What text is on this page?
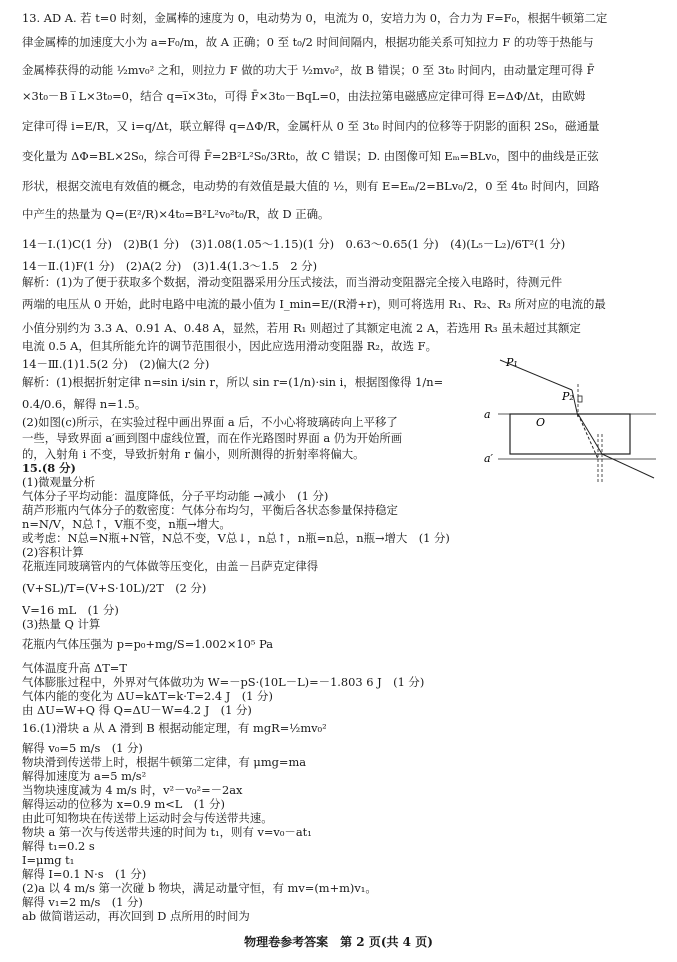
13. AD A. 若 t=0 时刻，金属棒的速度为 0，电动势为 0，电流为 0，安培力为 0，合力为 F=F₀，根据牛顿第二定
律金属棒的加速度大小为 a=F₀/m，故 A 正确；0 至 t₀/2 时间间隔内，根据功能关系可知拉力 F 的功等于热能与
金属棒获得的动能 ½mv₀² 之和，则拉力 F 做的功大于 ½mv₀²，故 B 错误；0 至 3t₀ 时间内，由动量定理可得 F̄
×3t₀－B i̅ L×3t₀=0，结合 q=i̅×3t₀，可得 F̄×3t₀－BqL=0，由法拉第电磁感应定律可得 E=ΔΦ/Δt，由欧姆
定律可得 i=E/R，又 i=q/Δt，联立解得 q=ΔΦ/R，金属杆从 0 至 3t₀ 时间内的位移等于阴影的面积 2S₀，磁通量
变化量为 ΔΦ=BL×2S₀，综合可得 F̄=2B²L²S₀/3Rt₀，故 C 错误；D. 由图像可知 Eₘ=BLv₀，图中的曲线是正弦
形状，根据交流电有效值的概念，电动势的有效值是最大值的 ½，则有 E=Eₘ/2=BLv₀/2，0 至 4t₀ 时间内，回路
中产生的热量为 Q=(E²/R)×4t₀=B²L²v₀²t₀/R，故 D 正确。
14－Ⅰ.(1)C(1 分)　(2)B(1 分)　(3)1.08(1.05～1.15)(1 分)　0.63～0.65(1 分)　(4)(L₅－L₂)/6T²(1 分)
14－Ⅱ.(1)F(1 分)　(2)A(2 分)　(3)1.4(1.3～1.5　2 分)
解析：(1)为了便于获取多个数据，滑动变阻器采用分压式接法，而当滑动变阻器完全接入电路时，待测元件
两端的电压从 0 开始，此时电路中电流的最小值为 I_min=E/(R滑+r)，则可将选用 R₁、R₂、R₃ 所对应的电流的最
小值分别约为 3.3 A、0.91 A、0.48 A，显然，若用 R₁ 则超过了其额定电流 2 A，若选用 R₃ 虽未超过其额定
电流 0.5 A，但其所能允许的调节范围很小，因此应选用滑动变阻器 R₂，故选 F。
14－Ⅲ.(1)1.5(2 分)　(2)偏大(2 分)
解析：(1)根据折射定律 n=sin i/sin r，所以 sin r=(1/n)·sin i，根据图像得 1/n=
0.4/0.6，解得 n=1.5。
(2)如图(c)所示，在实验过程中画出界面 a 后，不小心将玻璃砖向上平移了
一些，导致界面 a′画到图中虚线位置，而在作光路图时界面 a 仍为开始所画
的，入射角 i 不变，导致折射角 r 偏小，则所测得的折射率将偏大。
P₁
P₂
O
a
a′
15.(8 分)
(1)微观量分析
气体分子平均动能：温度降低，分子平均动能 →减小　(1 分)
葫芦形瓶内气体分子的数密度：气体分布均匀，平衡后各状态参量保持稳定
n=N/V，N总↑，V瓶不变，n瓶→增大。
或考虑：N总=N瓶+N管，N总不变，V总↓，n总↑，n瓶=n总，n瓶→增大　(1 分)
(2)容积计算
花瓶连同玻璃管内的气体做等压变化，由盖－吕萨克定律得
(V+SL)/T=(V+S·10L)/2T　(2 分)
V=16 mL　(1 分)
(3)热量 Q 计算
花瓶内气体压强为 p=p₀+mg/S=1.002×10⁵ Pa
气体温度升高 ΔT=T
气体膨胀过程中，外界对气体做功为 W=－pS·(10L－L)=－1.803 6 J　(1 分)
气体内能的变化为 ΔU=kΔT=k·T=2.4 J　(1 分)
由 ΔU=W+Q 得 Q=ΔU－W=4.2 J　(1 分)
16.(1)滑块 a 从 A 滑到 B 根据动能定理，有 mgR=½mv₀²
解得 v₀=5 m/s　(1 分)
物块滑到传送带上时，根据牛顿第二定律，有 μmg=ma
解得加速度为 a=5 m/s²
当物块速度减为 4 m/s 时，v²－v₀²=－2ax
解得运动的位移为 x=0.9 m<L　(1 分)
由此可知物块在传送带上运动时会与传送带共速。
物块 a 第一次与传送带共速的时间为 t₁，则有 v=v₀－at₁
解得 t₁=0.2 s
I=μmg t₁
解得 I=0.1 N·s　(1 分)
(2)a 以 4 m/s 第一次碰 b 物块，满足动量守恒，有 mv=(m+m)v₁。
解得 v₁=2 m/s　(1 分)
ab 做简谐运动，再次回到 D 点所用的时间为
物理卷参考答案　第 2 页(共 4 页)
